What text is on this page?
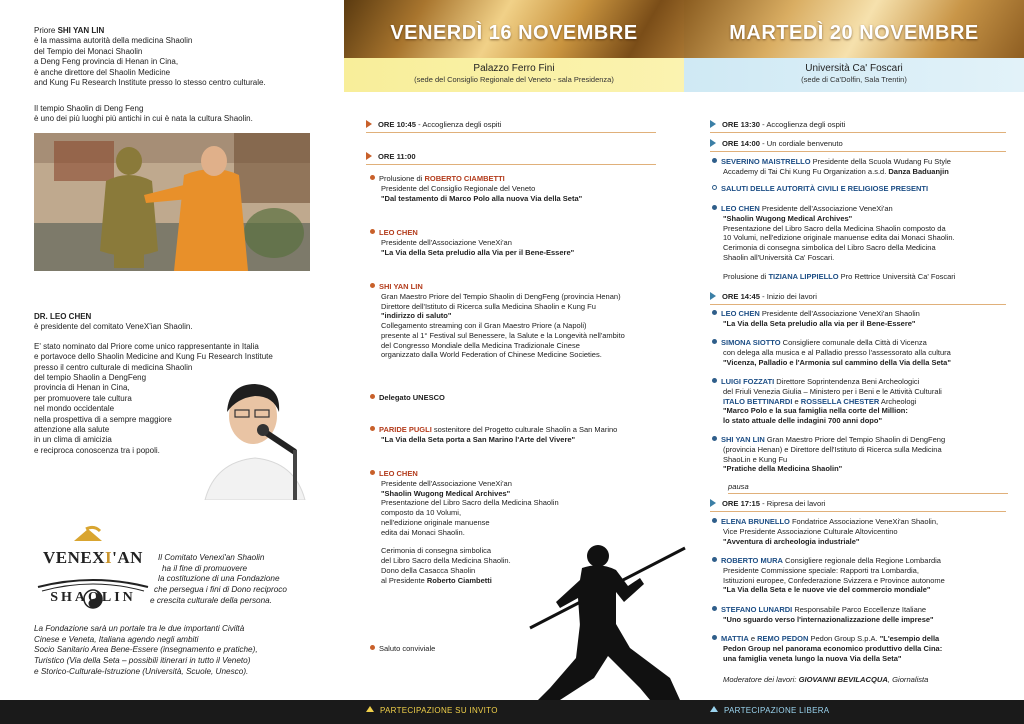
Priore SHI YAN LIN
è la massima autorità della medicina Shaolin
del Tempio dei Monaci Shaolin
a Deng Feng provincia di Henan in Cina,
è anche direttore del Shaolin Medicine
and Kung Fu Research Institute presso lo stesso centro culturale.
Il tempio Shaolin di Deng Feng
è uno dei più luoghi più antichi in cui è nata la cultura Shaolin.
DR. LEO CHEN
è presidente del comitato VeneX'ian Shaolin.
E' stato nominato dal Priore come unico rappresentante in Italia
e portavoce dello Shaolin Medicine and Kung Fu Research Institute
presso il centro culturale di medicina Shaolin
del tempio Shaolin a DengFeng
provincia di Henan in Cina,
per promuovere tale cultura
nel mondo occidentale
nella prospettiva di a sempre maggiore
attenzione alla salute
in un clima di amicizia
e reciproca conoscenza tra i popoli.
VENEXI'AN
SHAOLIN
Il Comitato Venexi'an Shaolin
ha il fine di promuovere
la costituzione di una Fondazione
che persegua i fini di Dono reciproco
e crescita culturale della persona.
La Fondazione sarà un portale tra le due importanti Civiltà
Cinese e Veneta, Italiana agendo negli ambiti
Socio Sanitario Area Bene-Essere (insegnamento e pratiche),
Turistico (Via della Seta – possibili itinerari in tutto il Veneto)
e Storico-Culturale-Istruzione (Università, Scuole, Unesco).
VENERDÌ 16 NOVEMBRE	MARTEDÌ 20 NOVEMBRE
Palazzo Ferro Fini
(sede del Consiglio Regionale del Veneto - sala Presidenza)
Università Ca' Foscari
(sede di Ca'Dolfin, Sala Trentin)
ORE 10:45 - Accoglienza degli ospiti
ORE 11:00
Prolusione di ROBERTO CIAMBETTI
Presidente del Consiglio Regionale del Veneto
"Dal testamento di Marco Polo alla nuova Via della Seta"
LEO CHEN
Presidente dell'Associazione VeneXi'an
"La Via della Seta preludio alla Via per il Bene-Essere"
SHI YAN LIN
Gran Maestro Priore del Tempio Shaolin di DengFeng (provincia Henan)
Direttore dell'Istituto di Ricerca sulla Medicina Shaolin e Kung Fu
"indirizzo di saluto"
Collegamento streaming con il Gran Maestro Priore (a Napoli)
presente al 1° Festival sul Benessere, la Salute e la Longevità nell'ambito
del Congresso Mondiale della Medicina Tradizionale Cinese
organizzato dalla World Federation of Chinese Medicine Societies.
Delegato UNESCO
PARIDE PUGLI sostenitore del Progetto culturale Shaolin a San Marino
"La Via della Seta porta a San Marino l'Arte del Vivere"
LEO CHEN
Presidente dell'Associazione VeneXi'an
"Shaolin Wugong Medical Archives"
Presentazione del Libro Sacro della Medicina Shaolin
composto da 10 Volumi,
nell'edizione originale manuense
edita dai Monaci Shaolin.
Cerimonia di consegna simbolica
del Libro Sacro della Medicina Shaolin.
Dono della Casacca Shaolin
al Presidente Roberto Ciambetti
Saluto conviviale
ORE 13:30 - Accoglienza degli ospiti
ORE 14:00 - Un cordiale benvenuto
SEVERINO MAISTRELLO Presidente della Scuola Wudang Fu Style
Accademy di Tai Chi Kung Fu Organization a.s.d. Danza Baduanjin
SALUTI DELLE AUTORITÀ CIVILI E RELIGIOSE PRESENTI
LEO CHEN Presidente dell'Associazione VeneXi'an
"Shaolin Wugong Medical Archives"
Presentazione del Libro Sacro della Medicina Shaolin composto da
10 Volumi, nell'edizione originale manuense edita dai Monaci Shaolin.
Cerimonia di consegna simbolica del Libro Sacro della Medicina
Shaolin all'Università Ca' Foscari.
Prolusione di TIZIANA LIPPIELLO Pro Rettrice Università Ca' Foscari
ORE 14:45 - Inizio dei lavori
LEO CHEN Presidente dell'Associazione VeneXi'an Shaolin
"La Via della Seta preludio alla via per il Bene-Essere"
SIMONA SIOTTO Consigliere comunale della Città di Vicenza
con delega alla musica e al Palladio presso l'assessorato alla cultura
"Vicenza, Palladio e l'Armonia sul cammino della Via della Seta"
LUIGI FOZZATI Direttore Soprintendenza Beni Archeologici
del Friuli Venezia Giulia – Ministero per i Beni e le Attività Culturali
ITALO BETTINARDI e ROSSELLA CHESTER Archeologi
"Marco Polo e la sua famiglia nella corte del Million:
lo stato attuale delle indagini 700 anni dopo"
SHI YAN LIN Gran Maestro Priore del Tempio Shaolin di DengFeng
(provincia Henan) e Direttore dell'Istituto di Ricerca sulla Medicina
ShaoLin e Kung Fu
"Pratiche della Medicina Shaolin"
pausa
ORE 17:15 - Ripresa dei lavori
ELENA BRUNELLO Fondatrice Associazione VeneXi'an Shaolin,
Vice Presidente Associazione Culturale Altovicentino
"Avventura di archeologia industriale"
ROBERTO MURA Consigliere regionale della Regione Lombardia
Presidente Commissione speciale: Rapporti tra Lombardia,
Istituzioni europee, Confederazione Svizzera e Province autonome
"La Via della Seta e le nuove vie del commercio mondiale"
STEFANO LUNARDI Responsabile Parco Eccellenze Italiane
"Uno sguardo verso l'internazionalizzazione delle imprese"
MATTIA e REMO PEDON Pedon Group S.p.A. "L'esempio della
Pedon Group nel panorama economico produttivo della Cina:
una famiglia veneta lungo la nuova Via della Seta"
Moderatore dei lavori: GIOVANNI BEVILACQUA, Giornalista
PARTECIPAZIONE SU INVITO	PARTECIPAZIONE LIBERA
